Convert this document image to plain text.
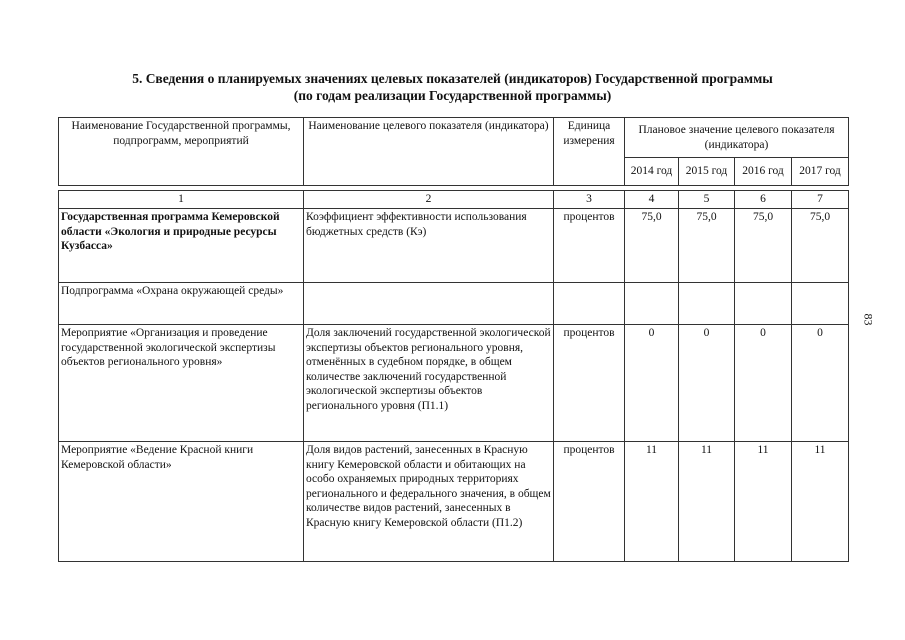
5. Сведения о планируемых значениях целевых показателей (индикаторов) Государственной программы
(по годам реализации Государственной программы)
83
Наименование Государственной программы, подпрограмм, мероприятий	Наименование целевого показателя (индикатора)	Единица измерения	Плановое значение целевого показателя (индикатора)			
			2014 год	2015 год	2016 год	2017 год
1	2	3	4	5	6	7
Государственная программа Кемеровской области «Экология и природные ресурсы Кузбасса»	Коэффициент эффективности использования бюджетных средств (Кэ)	процентов	75,0	75,0	75,0	75,0
Подпрограмма «Охрана окружающей среды»						
Мероприятие «Организация и проведение государственной экологической экспертизы объектов регионального уровня»	Доля заключений государственной экологической экспертизы объектов регионального уровня, отменённых в судебном порядке, в общем количестве заключений государственной экологической экспертизы объектов регионального уровня (П1.1)	процентов	0	0	0	0
Мероприятие «Ведение Красной книги Кемеровской области»	Доля видов растений, занесенных в Красную книгу Кемеровской области и обитающих на особо охраняемых природных территориях регионального и федерального значения, в общем количестве видов растений, занесенных в Красную книгу Кемеровской области (П1.2)	процентов	11	11	11	11
